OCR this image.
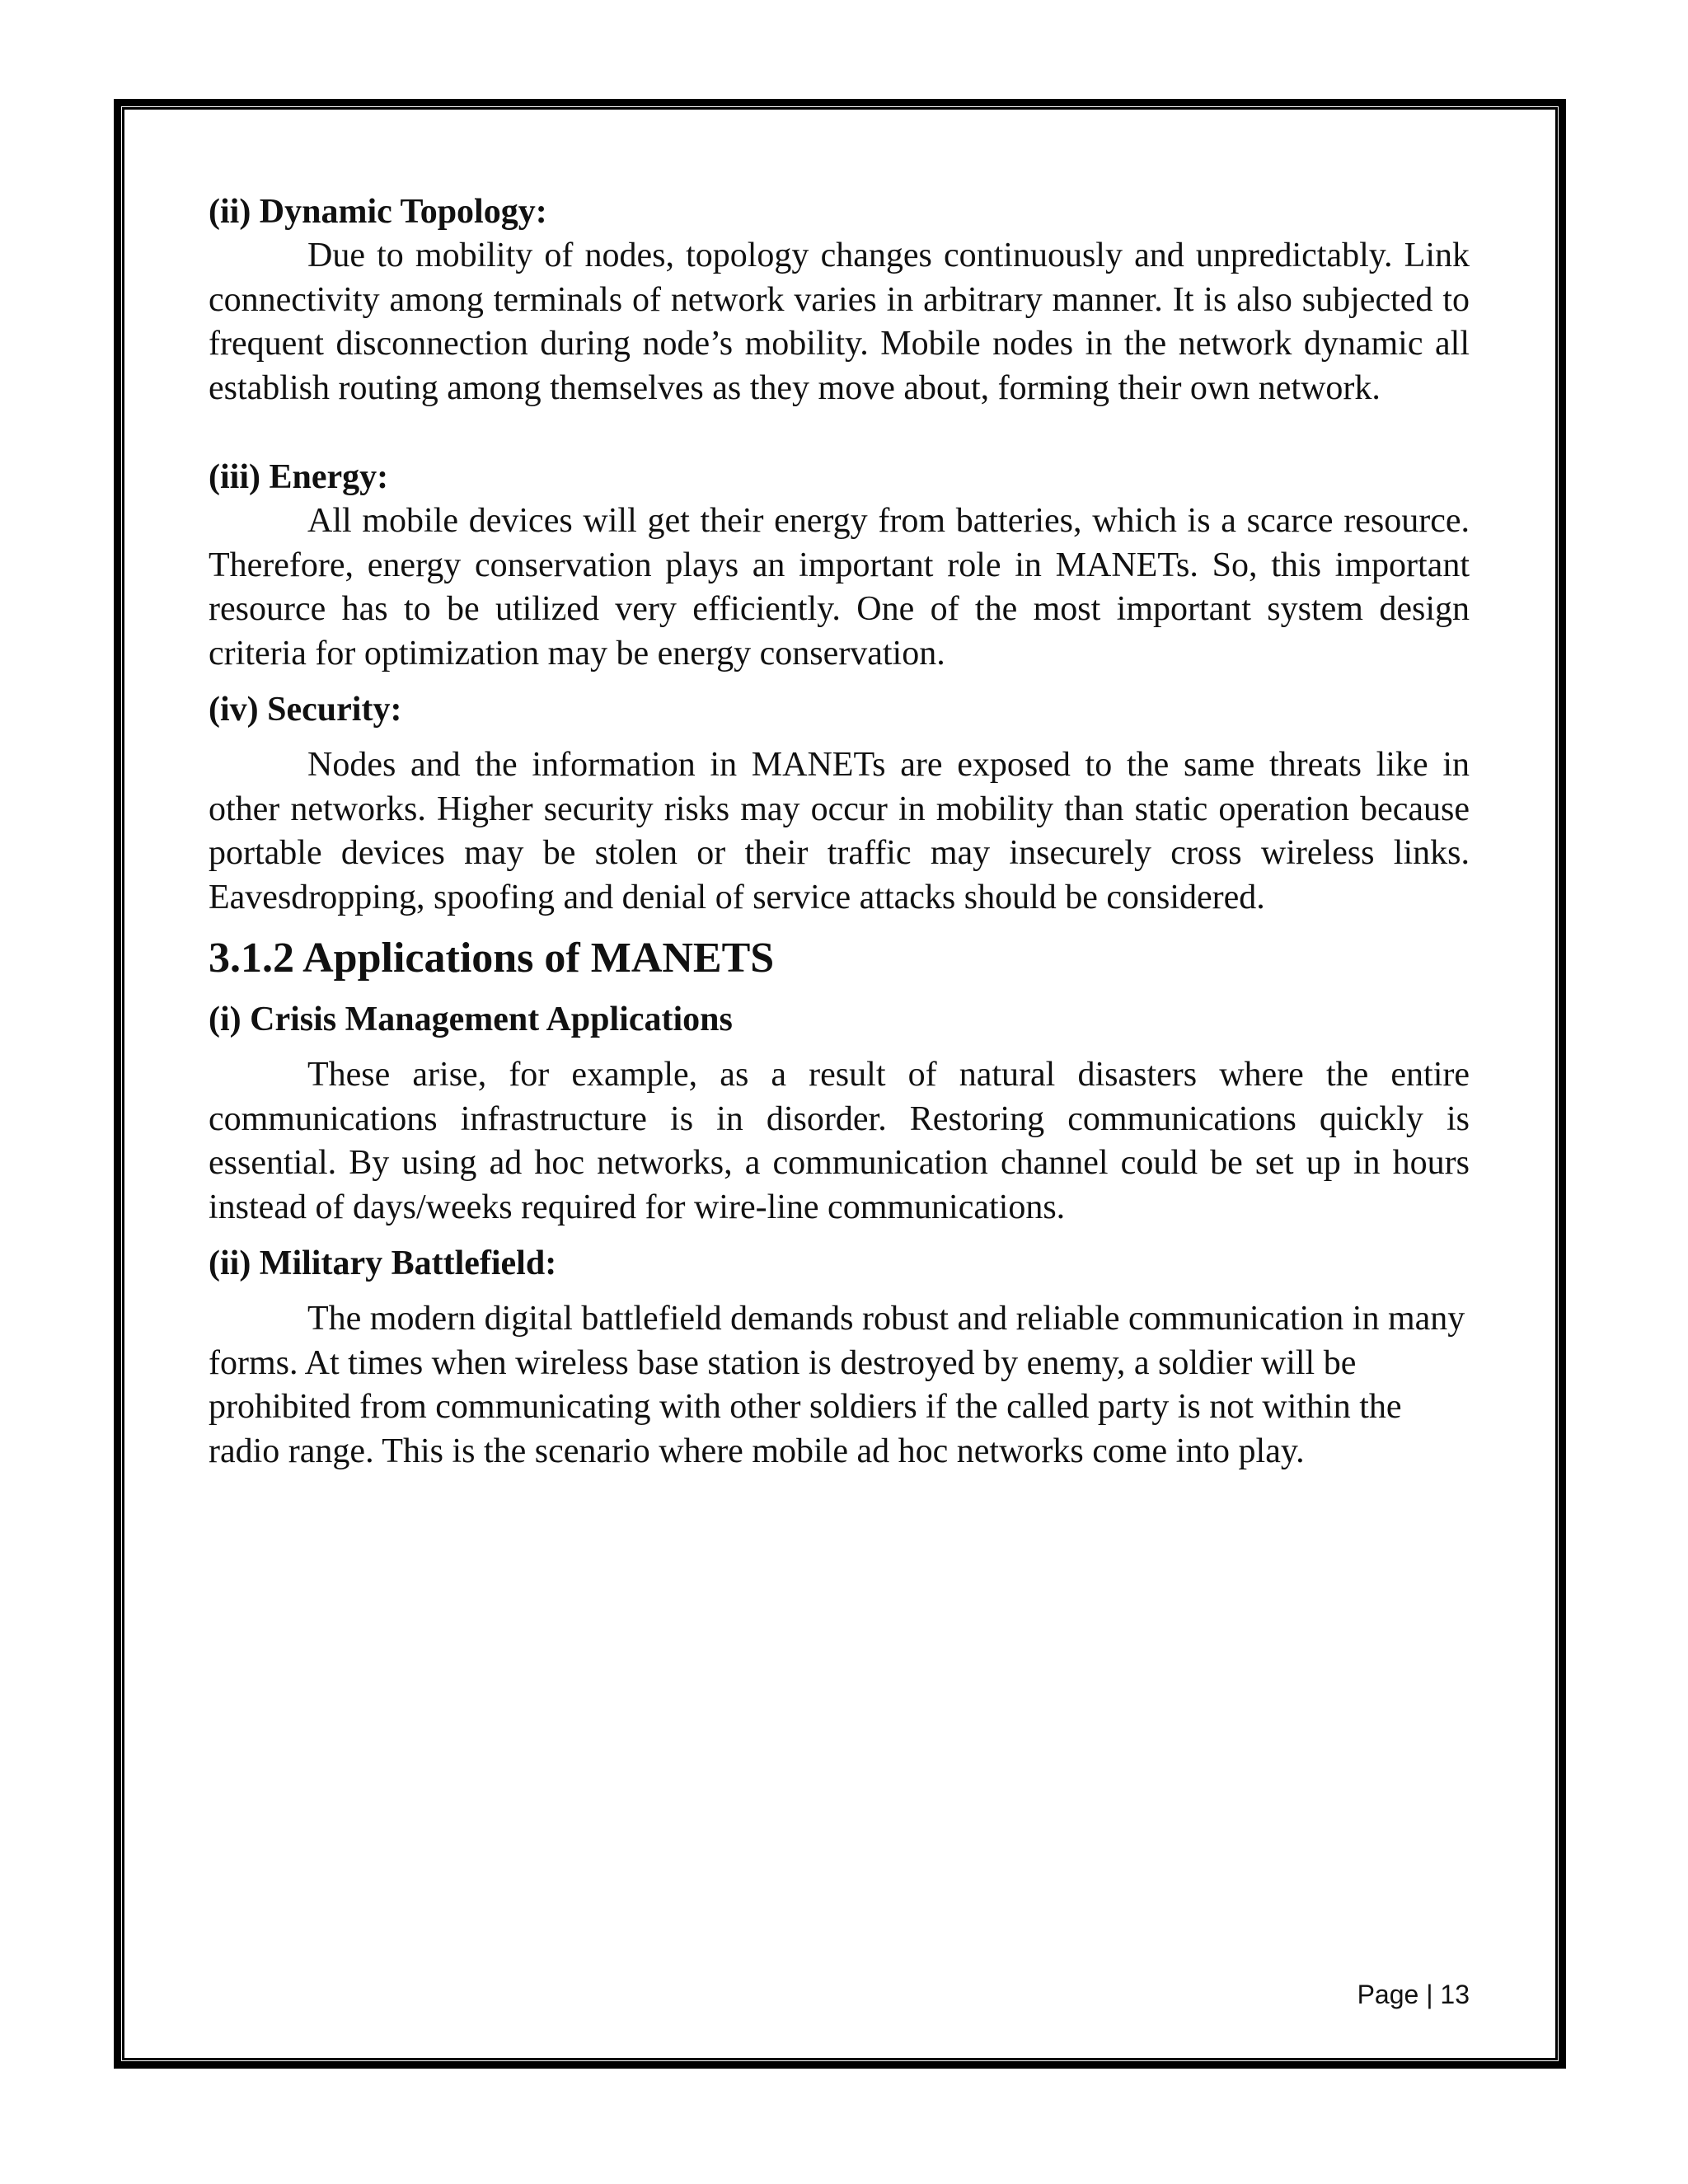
(ii) Dynamic Topology:

Due to mobility of nodes, topology changes continuously and unpredictably. Link connectivity among terminals of network varies in arbitrary manner. It is also subjected to frequent disconnection during node’s mobility. Mobile nodes in the network dynamic all establish routing among themselves as they move about, forming their own network.

(iii) Energy:

All mobile devices will get their energy from batteries, which is a scarce resource. Therefore, energy conservation plays an important role in MANETs. So, this important resource has to be utilized very efficiently. One of the most important system design criteria for optimization may be energy conservation.

(iv) Security:

Nodes and the information in MANETs are exposed to the same threats like in other networks. Higher security risks may occur in mobility than static operation because portable devices may be stolen or their traffic may insecurely cross wireless links. Eavesdropping, spoofing and denial of service attacks should be considered.

3.1.2 Applications of MANETS
(i) Crisis Management Applications

These arise, for example, as a result of natural disasters where the entire communications infrastructure is in disorder. Restoring communications quickly is essential. By using ad hoc networks, a communication channel could be set up in hours instead of days/weeks required for wire-line communications.

(ii) Military Battlefield:

The modern digital battlefield demands robust and reliable communication in many forms. At times when wireless base station is destroyed by enemy, a soldier will be prohibited from communicating with other soldiers if the called party is not within the radio range. This is the scenario where mobile ad hoc networks come into play.

Page | 13
